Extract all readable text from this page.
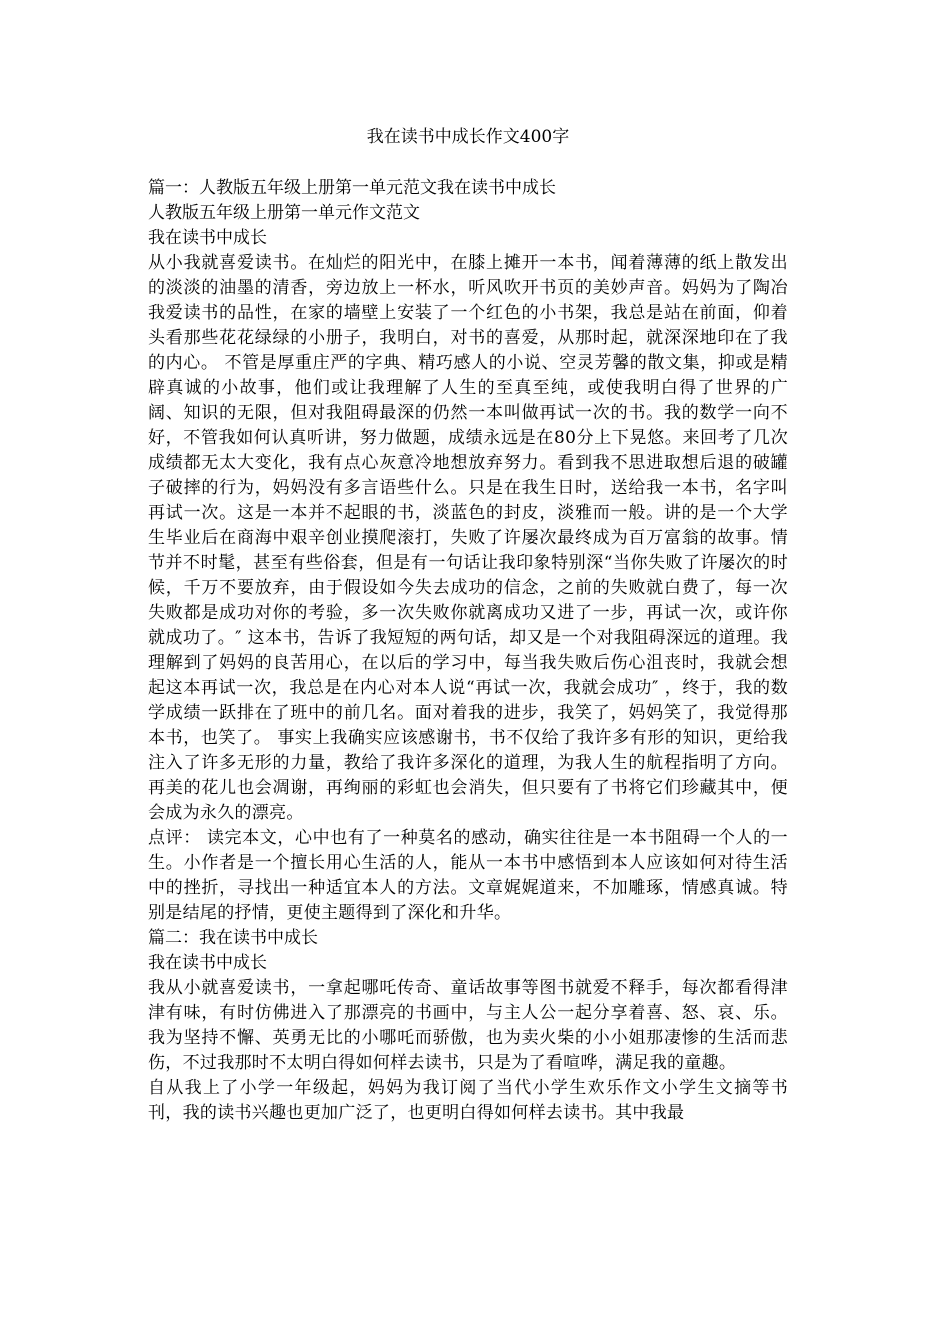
我在读书中成长作文400字

篇一：人教版五年级上册第一单元范文我在读书中成长

人教版五年级上册第一单元作文范文

我在读书中成长

从小我就喜爱读书。在灿烂的阳光中，在膝上摊开一本书，闻着薄薄的纸上散发出的淡淡的油墨的清香，旁边放上一杯水，听风吹开书页的美妙声音。妈妈为了陶冶我爱读书的品性，在家的墙壁上安装了一个红色的小书架，我总是站在前面，仰着头看那些花花绿绿的小册子，我明白，对书的喜爱，从那时起，就深深地印在了我的内心。 不管是厚重庄严的字典、精巧感人的小说、空灵芳馨的散文集，抑或是精辟真诚的小故事，他们或让我理解了人生的至真至纯，或使我明白得了世界的广阔、知识的无限，但对我阻碍最深的仍然一本叫做再试一次的书。我的数学一向不好，不管我如何认真听讲，努力做题，成绩永远是在80分上下晃悠。来回考了几次成绩都无太大变化，我有点心灰意冷地想放弃努力。看到我不思进取想后退的破罐子破摔的行为，妈妈没有多言语些什么。只是在我生日时，送给我一本书，名字叫再试一次。这是一本并不起眼的书，淡蓝色的封皮，淡雅而一般。讲的是一个大学生毕业后在商海中艰辛创业摸爬滚打，失败了许屡次最终成为百万富翁的故事。情节并不时髦，甚至有些俗套，但是有一句话让我印象特别深“当你失败了许屡次的时候，千万不要放弃，由于假设如今失去成功的信念，之前的失败就白费了，每一次失败都是成功对你的考验，多一次失败你就离成功又进了一步，再试一次，或许你就成功了。″ 这本书，告诉了我短短的两句话，却又是一个对我阻碍深远的道理。我理解到了妈妈的良苦用心，在以后的学习中，每当我失败后伤心沮丧时，我就会想起这本再试一次，我总是在内心对本人说“再试一次，我就会成功″ ，终于，我的数学成绩一跃排在了班中的前几名。面对着我的进步，我笑了，妈妈笑了，我觉得那本书，也笑了。 事实上我确实应该感谢书，书不仅给了我许多有形的知识，更给我注入了许多无形的力量，教给了我许多深化的道理，为我人生的航程指明了方向。再美的花儿也会凋谢，再绚丽的彩虹也会消失，但只要有了书将它们珍藏其中，便会成为永久的漂亮。

点评： 读完本文，心中也有了一种莫名的感动，确实往往是一本书阻碍一个人的一生。小作者是一个擅长用心生活的人，能从一本书中感悟到本人应该如何对待生活中的挫折，寻找出一种适宜本人的方法。文章娓娓道来，不加雕琢，情感真诚。特别是结尾的抒情，更使主题得到了深化和升华。

篇二：我在读书中成长

我在读书中成长

我从小就喜爱读书，一拿起哪吒传奇、童话故事等图书就爱不释手，每次都看得津津有味，有时仿佛进入了那漂亮的书画中，与主人公一起分享着喜、怒、哀、乐。我为坚持不懈、英勇无比的小哪吒而骄傲，也为卖火柴的小小姐那凄惨的生活而悲伤，不过我那时不太明白得如何样去读书，只是为了看喧哗，满足我的童趣。

自从我上了小学一年级起，妈妈为我订阅了当代小学生欢乐作文小学生文摘等书刊，我的读书兴趣也更加广泛了，也更明白得如何样去读书。其中我最
